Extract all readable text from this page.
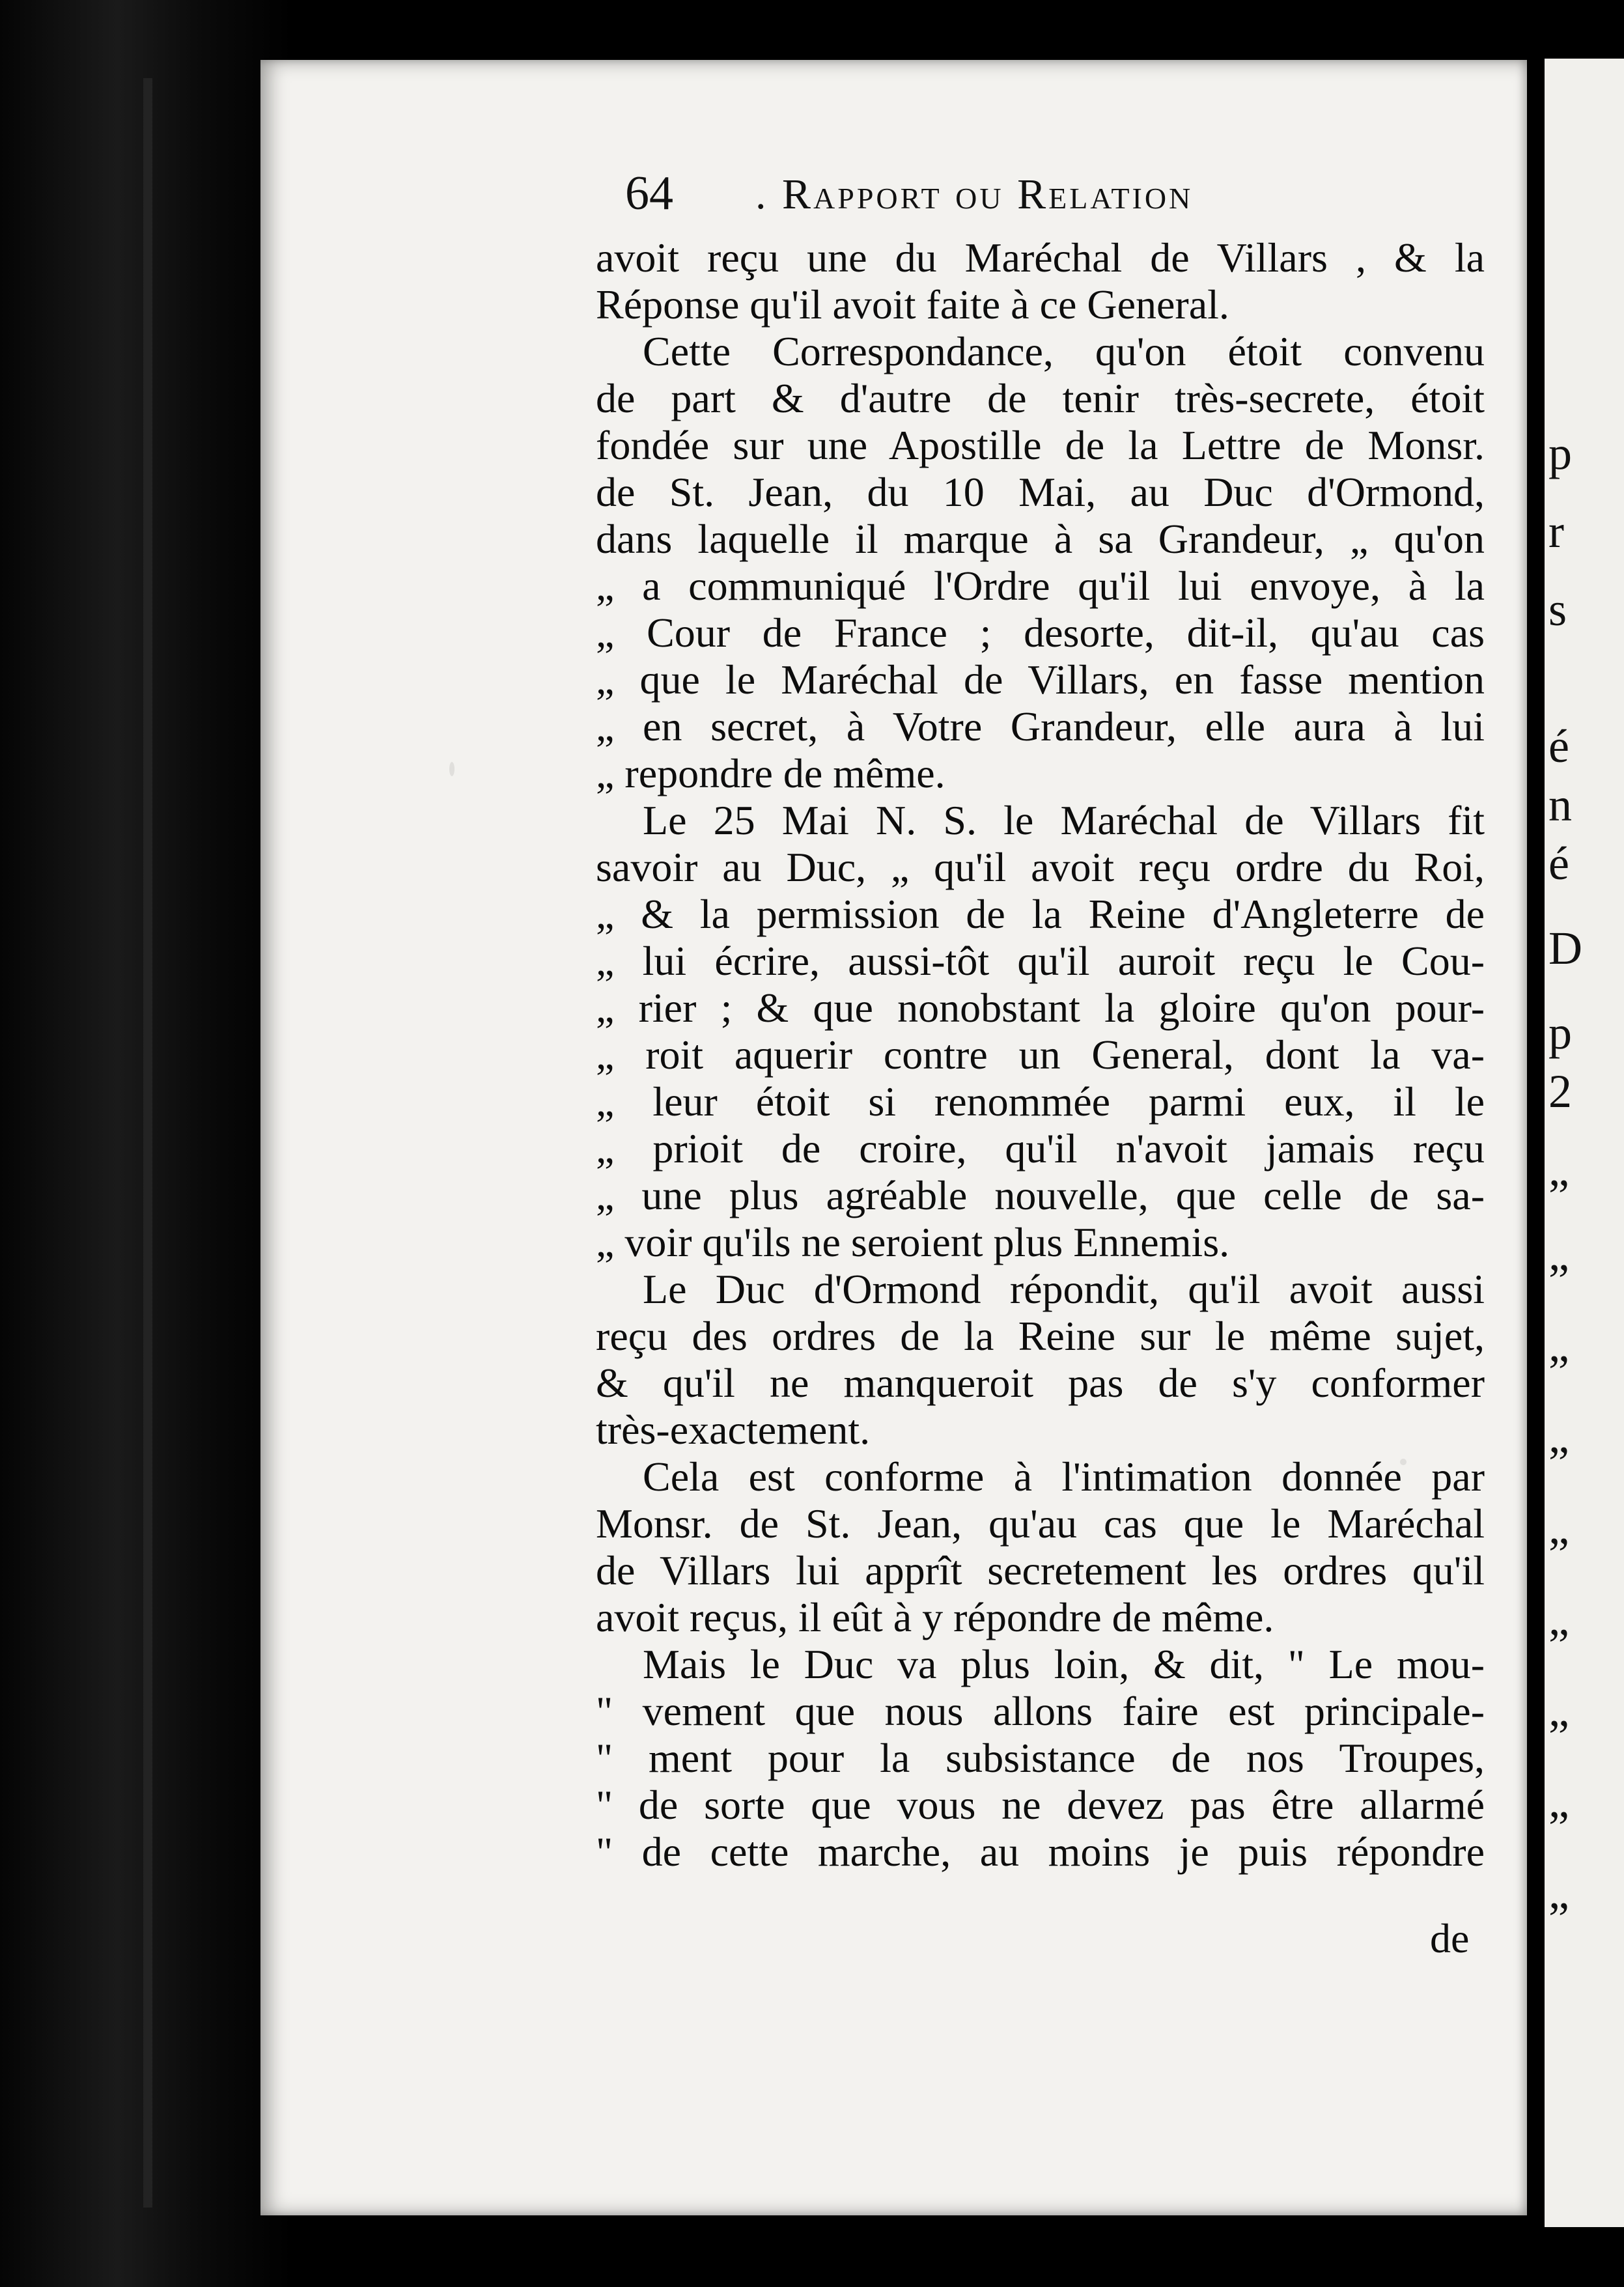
p
r
s
é
n
é
D
p
2
„
„
„
„
„
„
„
„
„
64 . Rapport ou Relation
avoit reçu une du Maréchal de Villars , & la
Réponse qu'il avoit faite à ce General.
Cette Correspondance, qu'on étoit convenu
de part & d'autre de tenir très-secrete, étoit
fondée sur une Apostille de la Lettre de Monsr.
de St. Jean, du 10 Mai, au Duc d'Ormond,
dans laquelle il marque à sa Grandeur, „ qu'on
„ a communiqué l'Ordre qu'il lui envoye, à la
„ Cour de France ; desorte, dit-il, qu'au cas
„ que le Maréchal de Villars, en fasse mention
„ en secret, à Votre Grandeur, elle aura à lui
„ repondre de même.
Le 25 Mai N. S. le Maréchal de Villars fit
savoir au Duc, „ qu'il avoit reçu ordre du Roi,
„ & la permission de la Reine d'Angleterre de
„ lui écrire, aussi-tôt qu'il auroit reçu le Cou-
„ rier ; & que nonobstant la gloire qu'on pour-
„ roit aquerir contre un General, dont la va-
„ leur étoit si renommée parmi eux, il le
„ prioit de croire, qu'il n'avoit jamais reçu
„ une plus agréable nouvelle, que celle de sa-
„ voir qu'ils ne seroient plus Ennemis.
Le Duc d'Ormond répondit, qu'il avoit aussi
reçu des ordres de la Reine sur le même sujet,
& qu'il ne manqueroit pas de s'y conformer
très-exactement.
Cela est conforme à l'intimation donnée par
Monsr. de St. Jean, qu'au cas que le Maréchal
de Villars lui apprît secretement les ordres qu'il
avoit reçus, il eût à y répondre de même.
Mais le Duc va plus loin, & dit, " Le mou-
" vement que nous allons faire est principale-
" ment pour la subsistance de nos Troupes,
" de sorte que vous ne devez pas être allarmé
" de cette marche, au moins je puis répondre
de
